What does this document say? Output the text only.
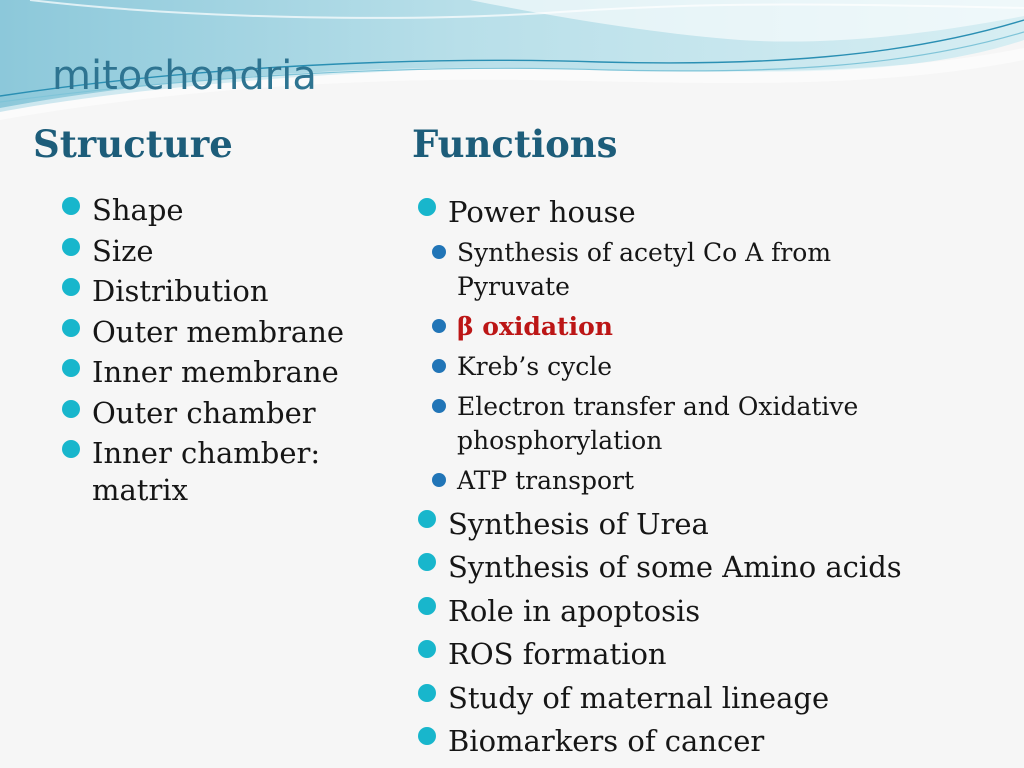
mitochondria
Structure	Functions
Shape
Size
Distribution
Outer membrane
Inner membrane
Outer chamber
Inner chamber: matrix
Power house
Synthesis of acetyl Co A from Pyruvate
β oxidation
Kreb’s cycle
Electron transfer and Oxidative phosphorylation
ATP transport
Synthesis of Urea
Synthesis of some Amino acids
Role in apoptosis
ROS formation
Study of maternal lineage
Biomarkers of cancer
